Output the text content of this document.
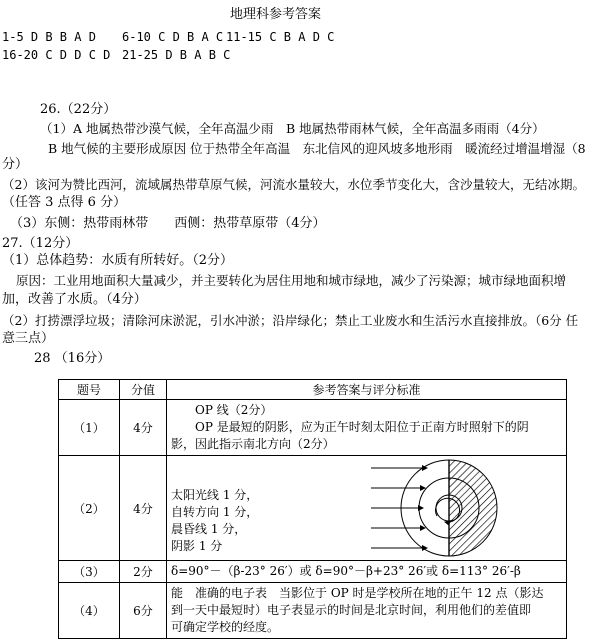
地理科参考答案
1-5 D B B A D 6-10 C D B A C 11-15 C B A D C
16-20 C D D C D 21-25 D B A B C
26.（22分）
（1）A 地属热带沙漠气候，全年高温少雨　B 地属热带雨林气候，全年高温多雨雨（4分）
B 地气候的主要形成原因 位于热带全年高温　东北信风的迎风坡多地形雨　暖流经过增温增湿（8
分）
（2）该河为赞比西河，流域属热带草原气候，河流水量较大，水位季节变化大，含沙量较大，无结冰期。
（任答 3 点得 6 分）
（3）东侧：热带雨林带　　西侧：热带草原带（4分）
27.（12分）
（1）总体趋势：水质有所转好。（2分）
原因：工业用地面积大量减少，并主要转化为居住用地和城市绿地，减少了污染源；城市绿地面积增
加，改善了水质。（4分）
（2）打捞漂浮垃圾；清除河床淤泥，引水冲淤；沿岸绿化；禁止工业废水和生活污水直接排放。（6分 任
意三点）
28 （16分）
题号	分值	参考答案与评分标准
（1）	4分	OP 线（2分）
OP 是最短的阴影，应为正午时刻太阳位于正南方时照射下的阴
影，因此指示南北方向（2分）

（2）	4分	太阳光线 1 分，
自转方向 1 分，
晨昏线 1 分，
阴影 1 分

（3）	2分	δ=90°－（β-23° 26′）或 δ=90°－β+23° 26′或 δ=113° 26′-β

（4）	6分	能　准确的电子表　当影位于 OP 时是学校所在地的正午 12 点（影达
到一天中最短时）电子表显示的时间是北京时间，利用他们的差值即
可确定学校的经度。
